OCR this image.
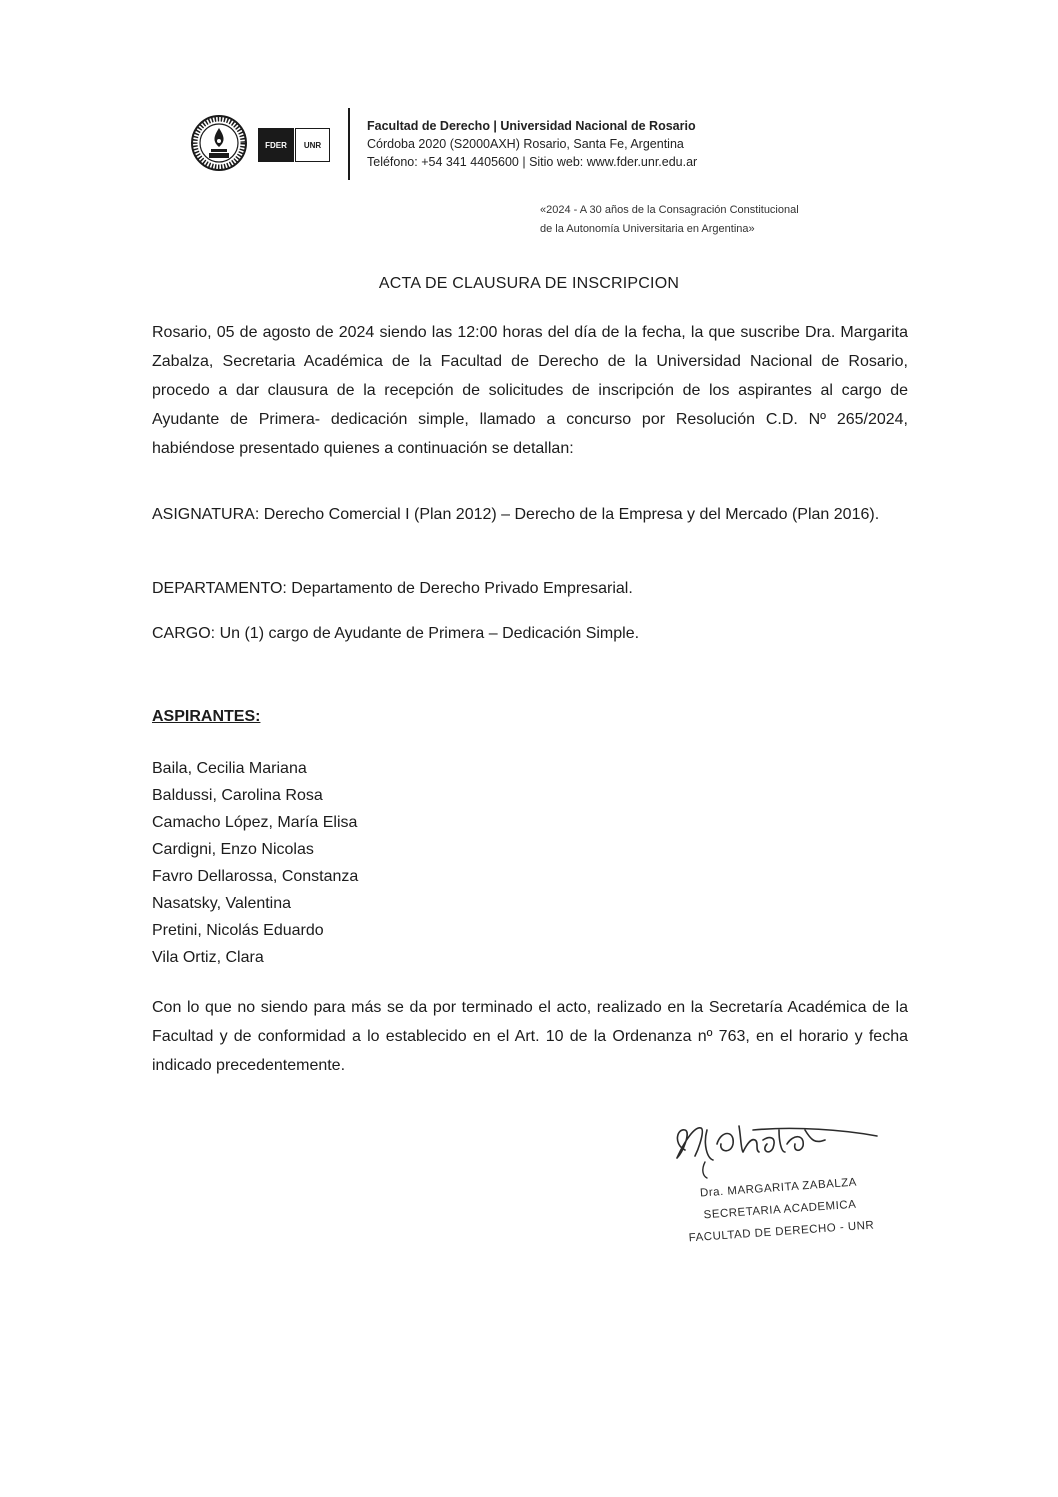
FDER	UNR
Facultad de Derecho | Universidad Nacional de Rosario
Córdoba 2020 (S2000AXH) Rosario, Santa Fe, Argentina
Teléfono: +54 341 4405600 | Sitio web: www.fder.unr.edu.ar
«2024 - A 30 años de la Consagración Constitucional
de la Autonomía Universitaria en Argentina»
ACTA DE CLAUSURA DE INSCRIPCION
Rosario, 05 de agosto de 2024 siendo las 12:00 horas del día de la fecha, la que suscribe Dra. Margarita Zabalza, Secretaria Académica de la Facultad de Derecho de la Universidad Nacional de Rosario, procedo a dar clausura de la recepción de solicitudes de inscripción de los aspirantes al cargo de Ayudante de Primera- dedicación simple, llamado a concurso por Resolución C.D. Nº 265/2024, habiéndose presentado quienes a continuación se detallan:
ASIGNATURA: Derecho Comercial I (Plan 2012) – Derecho de la Empresa y del Mercado (Plan 2016).
DEPARTAMENTO: Departamento de Derecho Privado Empresarial.
CARGO: Un (1) cargo de Ayudante de Primera – Dedicación Simple.
ASPIRANTES:
Baila, Cecilia Mariana
Baldussi, Carolina Rosa
Camacho López, María Elisa
Cardigni, Enzo Nicolas
Favro Dellarossa, Constanza
Nasatsky, Valentina
Pretini, Nicolás Eduardo
Vila Ortiz, Clara
Con lo que no siendo para más se da por terminado el acto, realizado en la Secretaría Académica de la Facultad y de conformidad a lo establecido en el Art. 10 de la Ordenanza nº 763, en el horario y fecha indicado precedentemente.
Dra. MARGARITA ZABALZA
SECRETARIA ACADEMICA
FACULTAD DE DERECHO - UNR
